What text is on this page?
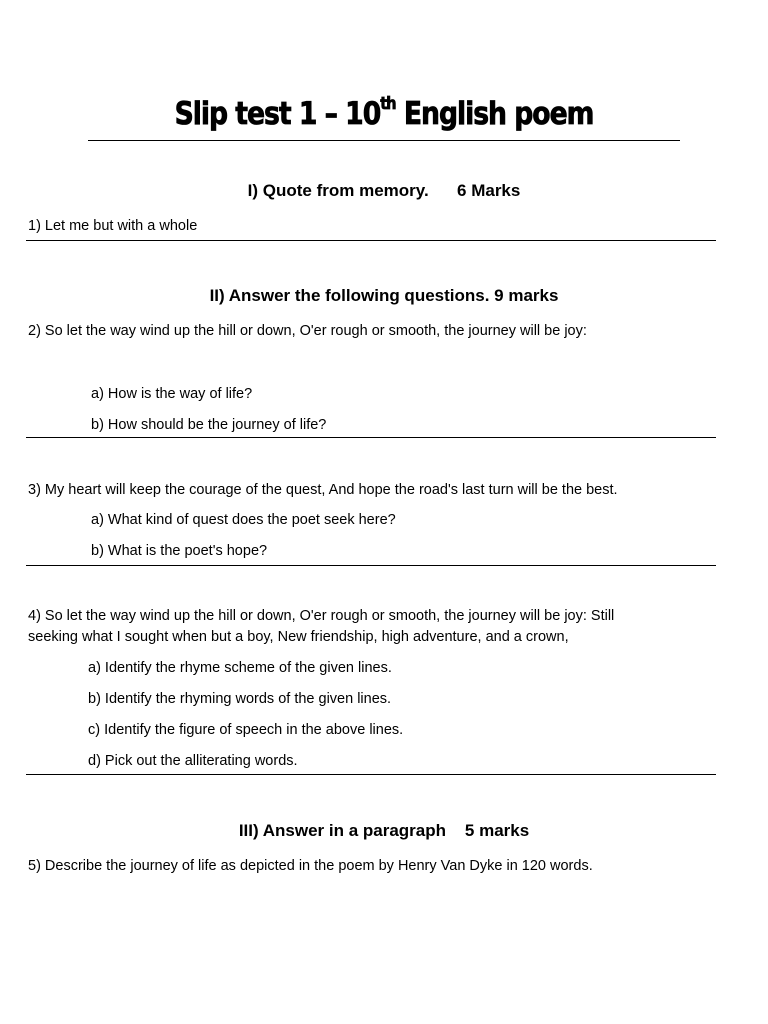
Slip test 1 – 10th English poem
I) Quote from memory.      6 Marks
1) Let me but with a whole
II) Answer the following questions. 9 marks
2) So let the way wind up the hill or down, O'er rough or smooth, the journey will be joy:
a) How is the way of life?
b) How should be the journey of life?
3) My heart will keep the courage of the quest, And hope the road's last turn will be the best.
a) What kind of quest does the poet seek here?
b) What is the poet's hope?
4) So let the way wind up the hill or down, O'er rough or smooth, the journey will be joy: Still
seeking what I sought when but a boy, New friendship, high adventure, and a crown,
a) Identify the rhyme scheme of the given lines.
b) Identify the rhyming words of the given lines.
c) Identify the figure of speech in the above lines.
d) Pick out the alliterating words.
III) Answer in a paragraph    5 marks
5) Describe the journey of life as depicted in the poem by Henry Van Dyke in 120 words.
